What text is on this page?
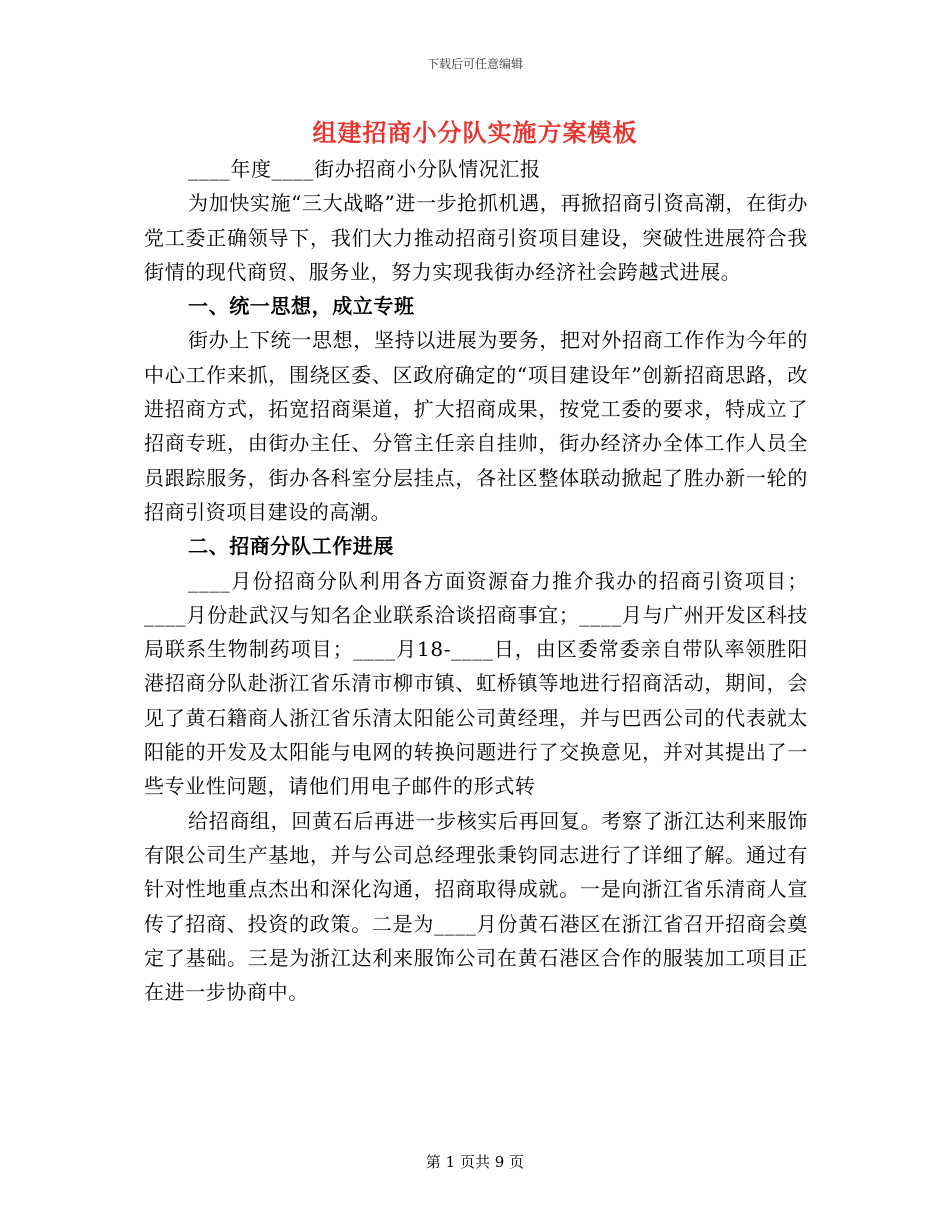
下载后可任意编辑
组建招商小分队实施方案模板

____年度____街办招商小分队情况汇报

为加快实施“三大战略”进一步抢抓机遇，再掀招商引资高潮，在街办党工委正确领导下，我们大力推动招商引资项目建设，突破性进展符合我街情的现代商贸、服务业，努力实现我街办经济社会跨越式进展。

一、统一思想，成立专班

街办上下统一思想，坚持以进展为要务，把对外招商工作作为今年的中心工作来抓，围绕区委、区政府确定的“项目建设年”创新招商思路，改进招商方式，拓宽招商渠道，扩大招商成果，按党工委的要求，特成立了招商专班，由街办主任、分管主任亲自挂帅，街办经济办全体工作人员全员跟踪服务，街办各科室分层挂点，各社区整体联动掀起了胜办新一轮的招商引资项目建设的高潮。

二、招商分队工作进展

____月份招商分队利用各方面资源奋力推介我办的招商引资项目；____月份赴武汉与知名企业联系洽谈招商事宜；____月与广州开发区科技局联系生物制药项目；____月18-____日，由区委常委亲自带队率领胜阳港招商分队赴浙江省乐清市柳市镇、虹桥镇等地进行招商活动，期间，会见了黄石籍商人浙江省乐清太阳能公司黄经理，并与巴西公司的代表就太阳能的开发及太阳能与电网的转换问题进行了交换意见，并对其提出了一些专业性问题，请他们用电子邮件的形式转

给招商组，回黄石后再进一步核实后再回复。考察了浙江达利来服饰有限公司生产基地，并与公司总经理张秉钧同志进行了详细了解。通过有针对性地重点杰出和深化沟通，招商取得成就。一是向浙江省乐清商人宣传了招商、投资的政策。二是为____月份黄石港区在浙江省召开招商会奠定了基础。三是为浙江达利来服饰公司在黄石港区合作的服装加工项目正在进一步协商中。

第 1 页共 9 页
